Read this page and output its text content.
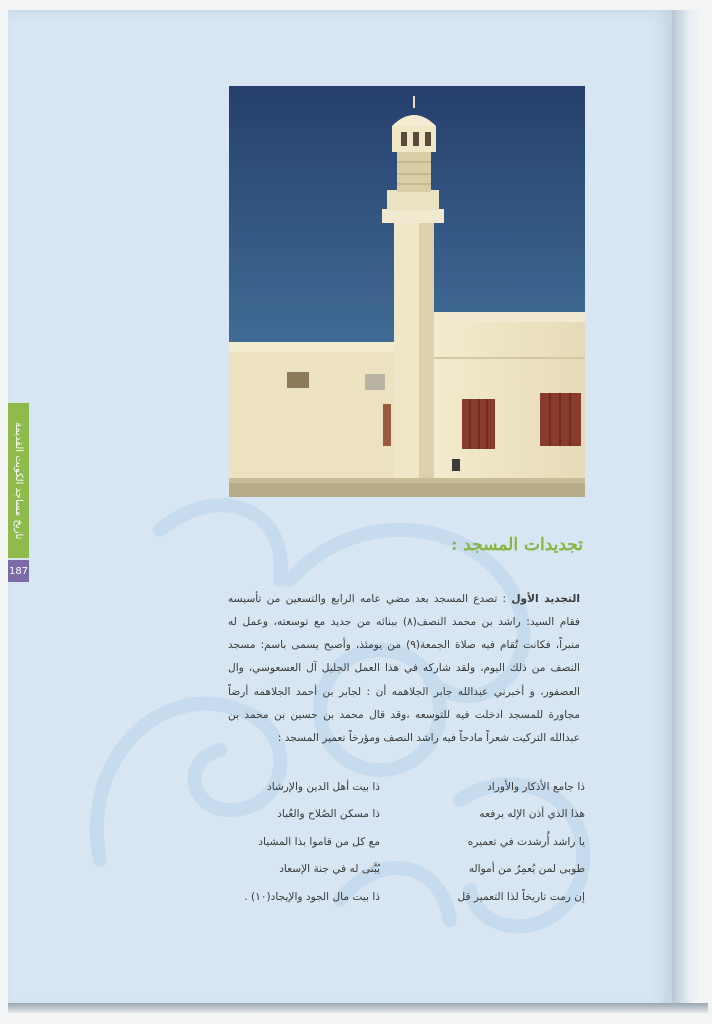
تاريخ مساجد الكويت القديمة
187
تجديدات المسجد :

التجديد الأول : تصدع المسجد بعد مضي عامه الرابع والتسعين من تأسيسه فقام السيد: راشد بن محمد النصف(٨) ببنائه من جديد مع توسعته، وعمل له منبراً، فكانت تُقام فيه صلاة الجمعة(٩) من يومئذ، وأصبح يسمى باسم: مسجد النصف من ذلك اليوم، ولقد شاركه في هذا العمل الجليل آل العسعوسي، وال العصفور، و أخبرني عبدالله جابر الجلاهمه أن : لجابر بن أحمد الجلاهمه أرضاً مجاورة للمسجد ادخلت فيه للتوسعه ،وقد قال محمد بن حسين بن محمد بن عبدالله التركيت شعراً مادحاً فيه راشد النصف ومؤرخاً تعمير المسجد :

ذا جامع الأذكار والأوراد
ذا بيت أهل الدين والإرشاد
هذا الذي أذن الإله برفعه
ذا مسكن الصُلاح والعُباد
يا راشد أُرشدت في تعميره
مع كل من قاموا بذا المشياد
طوبى لمن يُعمِرُ من أمواله
يُبَّنى له في جنة الإسعاد
إن رمت تاريخاً لذا التعمير قل
ذا بيت مال الجود والإيجاد(١٠) .
